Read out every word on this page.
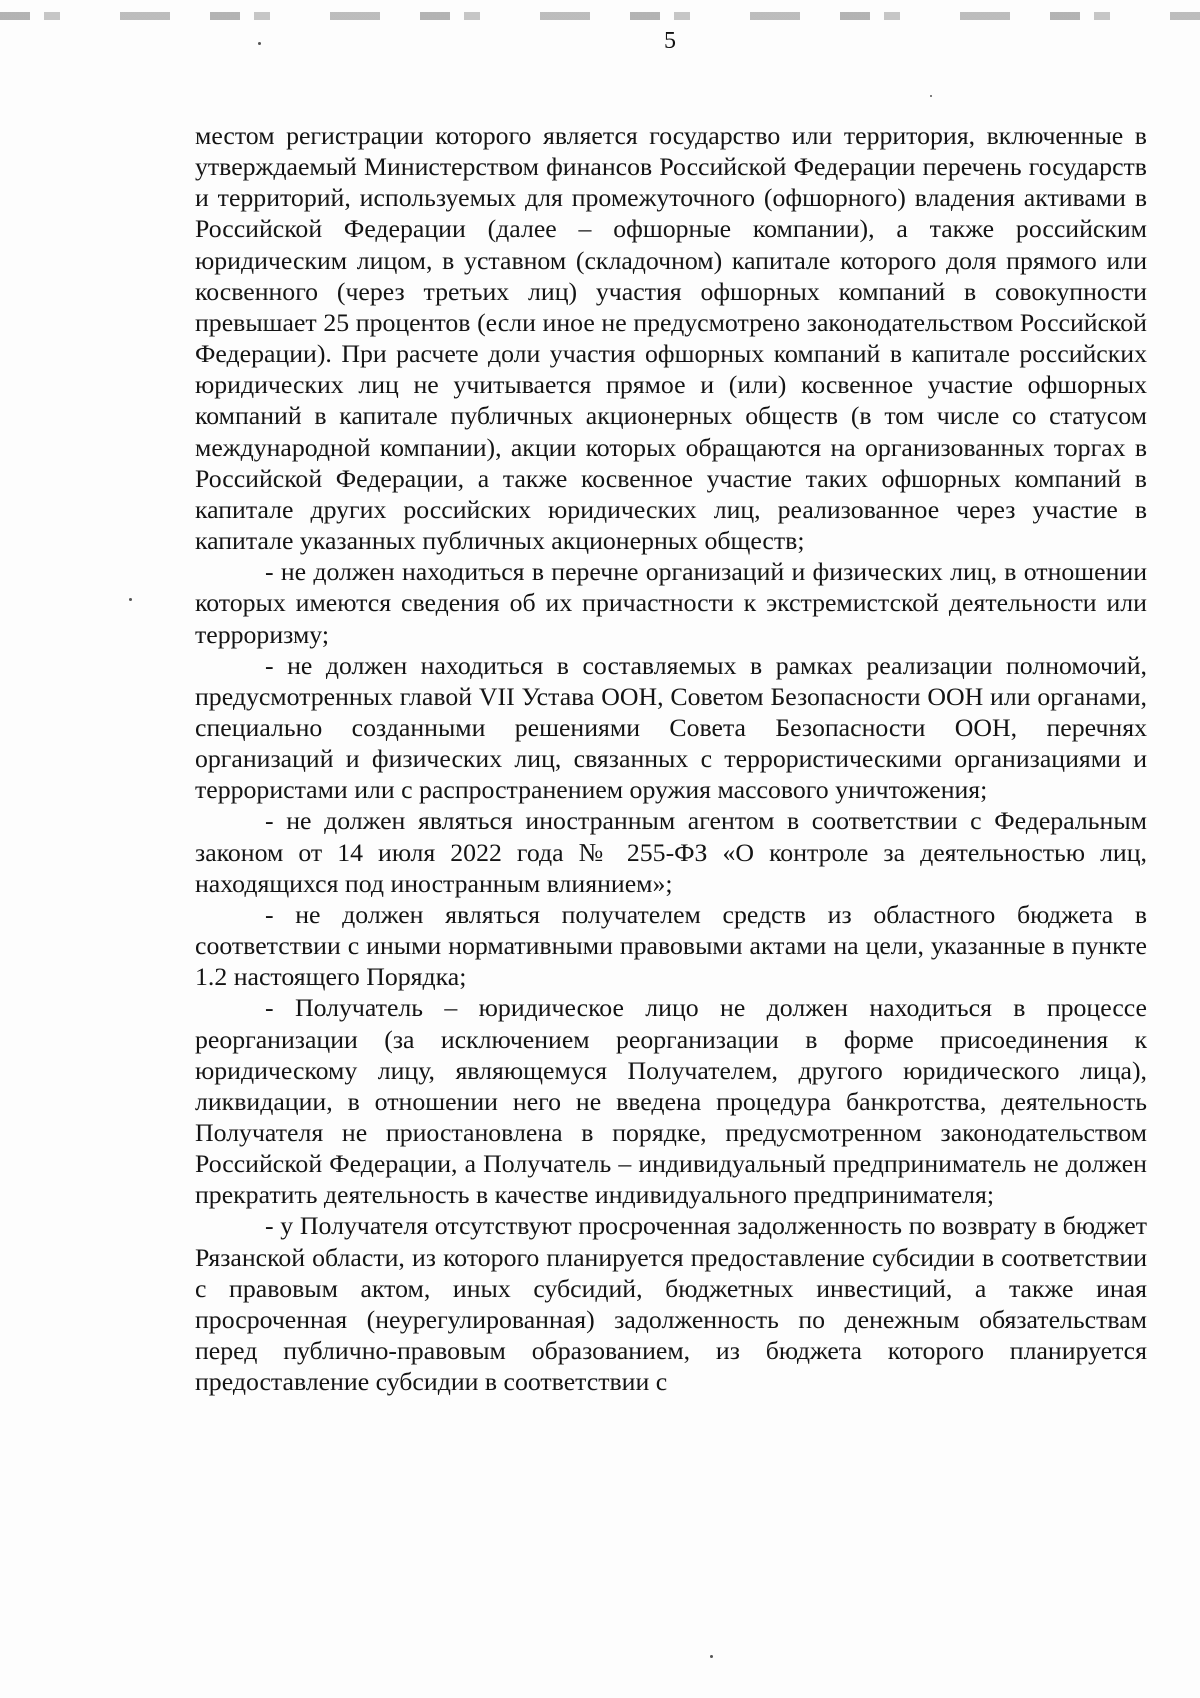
5

местом регистрации которого является государство или территория, включенные в утверждаемый Министерством финансов Российской Федерации перечень государств и территорий, используемых для промежуточного (офшорного) владения активами в Российской Федерации (далее – офшорные компании), а также российским юридическим лицом, в уставном (складочном) капитале которого доля прямого или косвенного (через третьих лиц) участия офшорных компаний в совокупности превышает 25 процентов (если иное не предусмотрено законодательством Российской Федерации). При расчете доли участия офшорных компаний в капитале российских юридических лиц не учитывается прямое и (или) косвенное участие офшорных компаний в капитале публичных акционерных обществ (в том числе со статусом международной компании), акции которых обращаются на организованных торгах в Российской Федерации, а также косвенное участие таких офшорных компаний в капитале других российских юридических лиц, реализованное через участие в капитале указанных публичных акционерных обществ;

- не должен находиться в перечне организаций и физических лиц, в отношении которых имеются сведения об их причастности к экстремистской деятельности или терроризму;

- не должен находиться в составляемых в рамках реализации полномочий, предусмотренных главой VII Устава ООН, Советом Безопасности ООН или органами, специально созданными решениями Совета Безопасности ООН, перечнях организаций и физических лиц, связанных с террористическими организациями и террористами или с распространением оружия массового уничтожения;

- не должен являться иностранным агентом в соответствии с Федеральным законом от 14 июля 2022 года № 255-ФЗ «О контроле за деятельностью лиц, находящихся под иностранным влиянием»;

- не должен являться получателем средств из областного бюджета в соответствии с иными нормативными правовыми актами на цели, указанные в пункте 1.2 настоящего Порядка;

- Получатель – юридическое лицо не должен находиться в процессе реорганизации (за исключением реорганизации в форме присоединения к юридическому лицу, являющемуся Получателем, другого юридического лица), ликвидации, в отношении него не введена процедура банкротства, деятельность Получателя не приостановлена в порядке, предусмотренном законодательством Российской Федерации, а Получатель – индивидуальный предприниматель не должен прекратить деятельность в качестве индивидуального предпринимателя;

- у Получателя отсутствуют просроченная задолженность по возврату в бюджет Рязанской области, из которого планируется предоставление субсидии в соответствии с правовым актом, иных субсидий, бюджетных инвестиций, а также иная просроченная (неурегулированная) задолженность по денежным обязательствам перед публично-правовым образованием, из бюджета которого планируется предоставление субсидии в соответствии с
